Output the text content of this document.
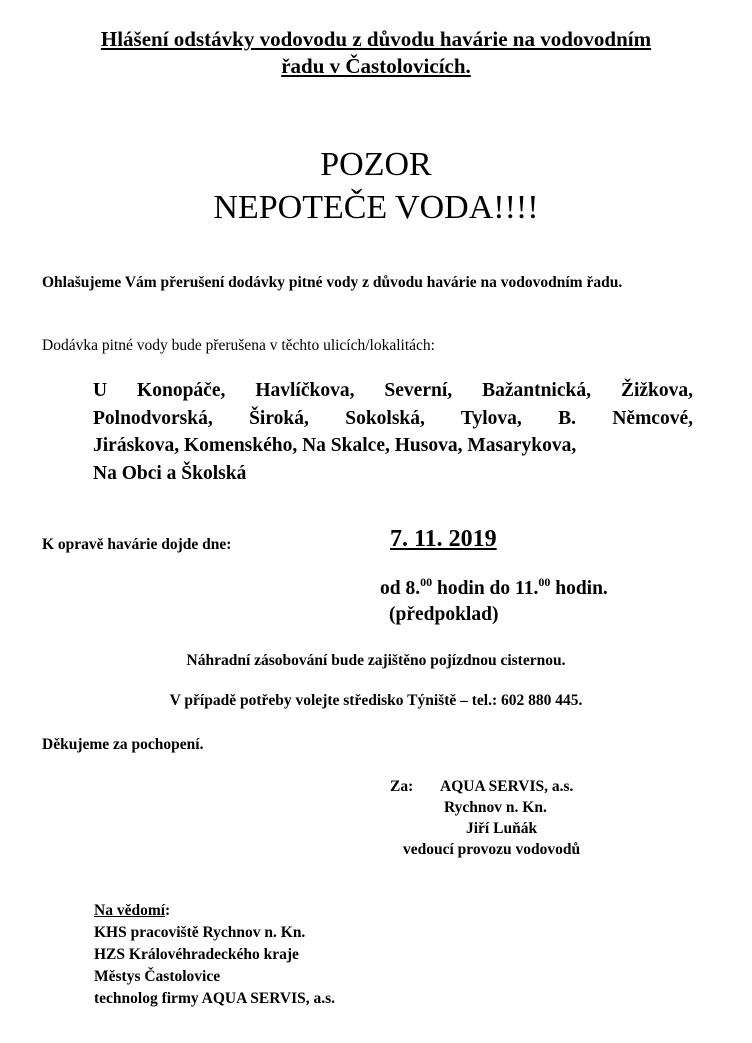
Hlášení odstávky vodovodu z důvodu havárie na vodovodním
řadu v Častolovicích.
POZOR
NEPOTEČE VODA!!!!
Ohlašujeme Vám přerušení dodávky pitné vody z důvodu havárie na vodovodním řadu.
Dodávka pitné vody bude přerušena v těchto ulicích/lokalitách:
U Konopáče, Havlíčkova, Severní, Bažantnická, Žižkova,
Polnodvorská, Široká, Sokolská, Tylova, B. Němcové,
Jiráskova, Komenského, Na Skalce, Husova, Masarykova,
Na Obci a Školská
K opravě havárie dojde dne:	7. 11. 2019
od 8.00 hodin do 11.00 hodin.
(předpoklad)
Náhradní zásobování bude zajištěno pojízdnou cisternou.
V případě potřeby volejte středisko Týniště – tel.: 602 880 445.
Děkujeme za pochopení.
Za: AQUA SERVIS, a.s.
Rychnov n. Kn.
Jiří Luňák
vedoucí provozu vodovodů
Na vědomí:
KHS pracoviště Rychnov n. Kn.
HZS Královéhradeckého kraje
Městys Častolovice
technolog firmy AQUA SERVIS, a.s.
